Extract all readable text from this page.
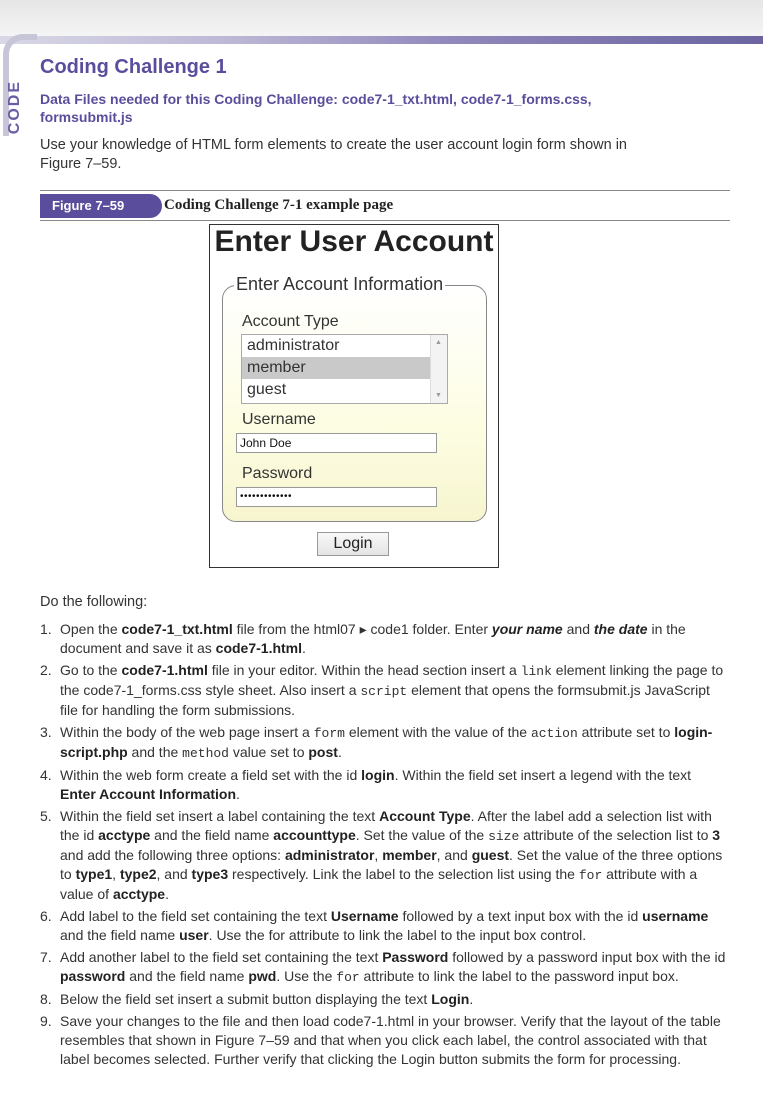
CODE
Coding Challenge 1

Data Files needed for this Coding Challenge: code7-1_txt.html, code7-1_forms.css, formsubmit.js

Use your knowledge of HTML form elements to create the user account login form shown in Figure 7–59.

Figure 7–59	Coding Challenge 7-1 example page
Enter User Account
Enter Account Information
Account Type
administrator
member
guest
▲
▼
Username
John Doe
Password
•••••••••••••
Login

Do the following:

1. Open the code7-1_txt.html file from the html07 ▸ code1 folder. Enter your name and the date in the document and save it as code7-1.html.
2. Go to the code7-1.html file in your editor. Within the head section insert a link element linking the page to the code7-1_forms.css style sheet. Also insert a script element that opens the formsubmit.js JavaScript file for handling the form submissions.
3. Within the body of the web page insert a form element with the value of the action attribute set to login-script.php and the method value set to post.
4. Within the web form create a field set with the id login. Within the field set insert a legend with the text Enter Account Information.
5. Within the field set insert a label containing the text Account Type. After the label add a selection list with the id acctype and the field name accounttype. Set the value of the size attribute of the selection list to 3 and add the following three options: administrator, member, and guest. Set the value of the three options to type1, type2, and type3 respectively. Link the label to the selection list using the for attribute with a value of acctype.
6. Add label to the field set containing the text Username followed by a text input box with the id username and the field name user. Use the for attribute to link the label to the input box control.
7. Add another label to the field set containing the text Password followed by a password input box with the id password and the field name pwd. Use the for attribute to link the label to the password input box.
8. Below the field set insert a submit button displaying the text Login.
9. Save your changes to the file and then load code7-1.html in your browser. Verify that the layout of the table resembles that shown in Figure 7–59 and that when you click each label, the control associated with that label becomes selected. Further verify that clicking the Login button submits the form for processing.
